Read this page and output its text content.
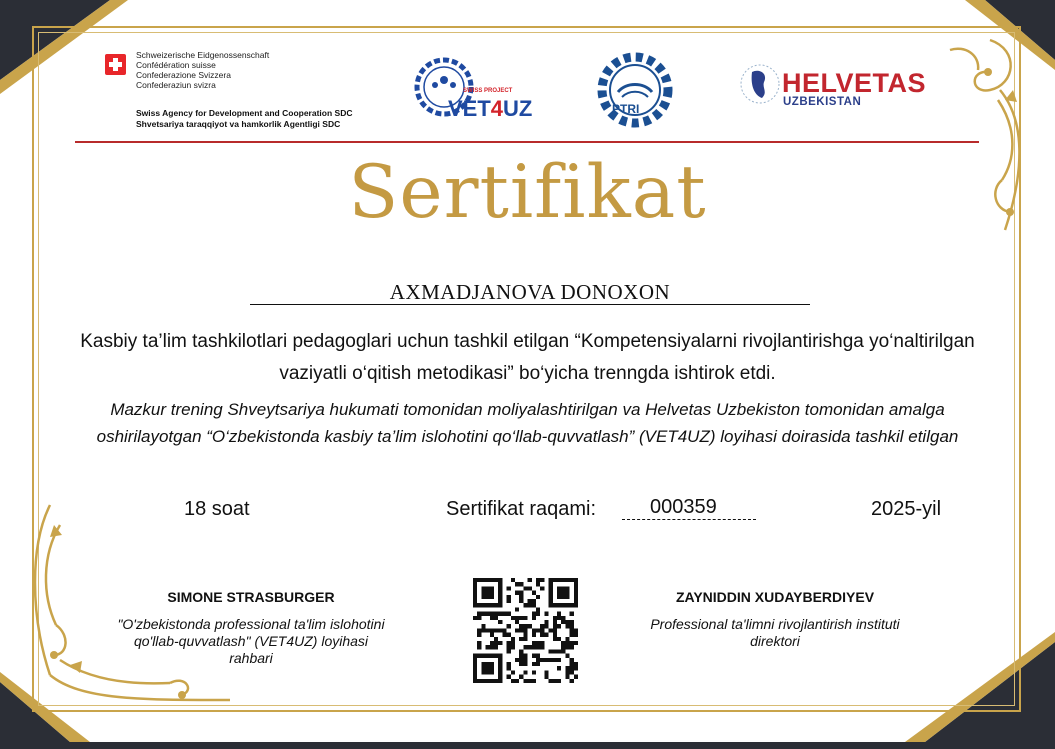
Schweizerische Eidgenossenschaft
Confédération suisse
Confederazione Svizzera
Confederaziun svizra
Swiss Agency for Development and Cooperation SDC
Shvetsariya taraqqiyot va hamkorlik Agentligi SDC
SWISS PROJECT
VET4UZ	PTRI
HELVETAS
UZBEKISTAN
Sertifikat
AXMADJANOVA DONOXON
Kasbiy ta’lim tashkilotlari pedagoglari uchun tashkil etilgan “Kompetensiyalarni rivojlantirishga yo‘naltirilgan vaziyatli o‘qitish metodikasi” bo‘yicha trenngda ishtirok etdi.
Mazkur trening Shveytsariya hukumati tomonidan moliyalashtirilgan va Helvetas Uzbekiston tomonidan amalga oshirilayotgan “O‘zbekistonda kasbiy ta’lim islohotini qo‘llab-quvvatlash” (VET4UZ) loyihasi doirasida tashkil etilgan
18 soat	Sertifikat raqami: 000359	2025-yil
SIMONE STRASBURGER
"O'zbekistonda professional ta'lim islohotini qo'llab-quvvatlash" (VET4UZ) loyihasi rahbari
ZAYNIDDIN XUDAYBERDIYEV
Professional ta'limni rivojlantirish instituti direktori
